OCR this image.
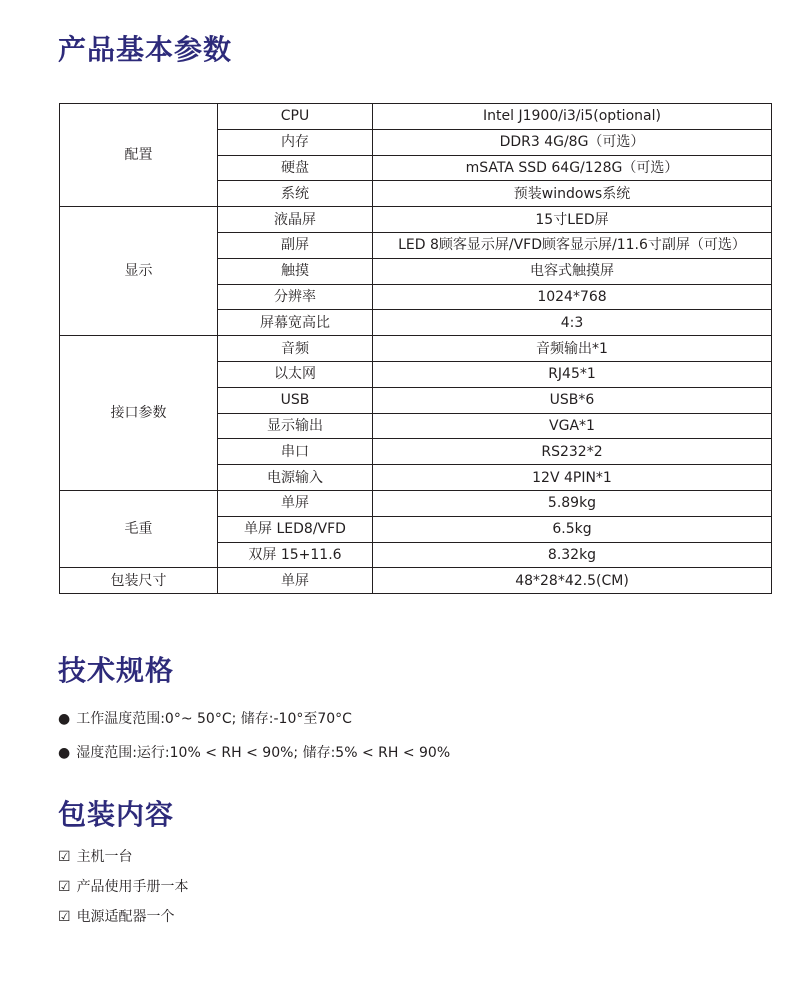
产品基本参数
配置	CPU	Intel J1900/i3/i5(optional)
	内存	DDR3 4G/8G（可选）
	硬盘	mSATA SSD 64G/128G（可选）
	系统	预装windows系统
显示	液晶屏	15寸LED屏
	副屏	LED 8顾客显示屏/VFD顾客显示屏/11.6寸副屏（可选）
	触摸	电容式触摸屏
	分辨率	1024*768
	屏幕宽高比	4:3
接口参数	音频	音频输出*1
	以太网	RJ45*1
	USB	USB*6
	显示输出	VGA*1
	串口	RS232*2
	电源输入	12V 4PIN*1
毛重	单屏	5.89kg
	单屏 LED8/VFD	6.5kg
	双屏 15+11.6	8.32kg
包装尺寸	单屏	48*28*42.5(CM)
技术规格
● 工作温度范围:0°~ 50°C; 储存:-10°至70°C
● 湿度范围:运行:10% < RH < 90%; 储存:5% < RH < 90%
包装内容
☑ 主机一台
☑ 产品使用手册一本
☑ 电源适配器一个
